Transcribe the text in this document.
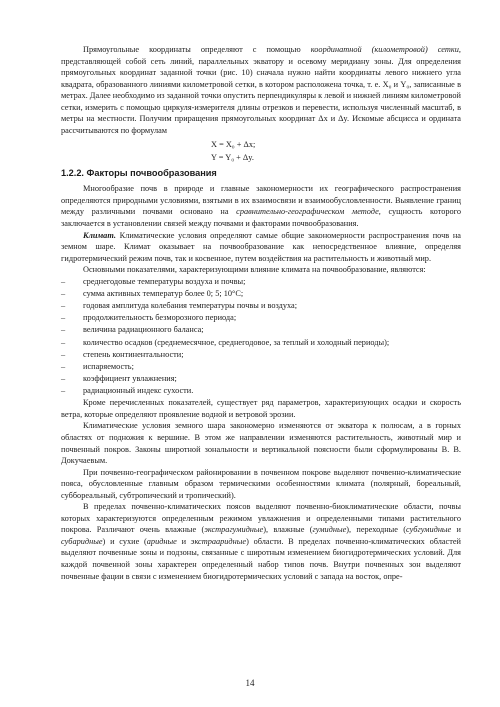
Прямоугольные координаты определяют с помощью координатной (километровой) сетки, представляющей собой сеть линий, параллельных экватору и осевому меридиану зоны. Для определения прямоугольных координат заданной точки (рис. 10) сначала нужно найти координаты левого нижнего угла квадрата, образованного линиями километровой сетки, в котором расположена точка, т. е. X₀ и Y₀, записанные в метрах. Далее необходимо из заданной точки опустить перпендикуляры к левой и нижней линиям километровой сетки, измерить с помощью циркуля-измерителя длины отрезков и перевести, используя численный масштаб, в метры на местности. Получим приращения прямоугольных координат Δx и Δy. Искомые абсцисса и ордината рассчитываются по формулам

X = X₀ + Δx;
Y = Y₀ + Δy.
1.2.2. Факторы почвообразования

Многообразие почв в природе и главные закономерности их географического распространения определяются природными условиями, взятыми в их взаимосвязи и взаимообусловленности. Выявление границ между различными почвами основано на сравнительно-географическом методе, сущность которого заключается в установлении связей между почвами и факторами почвообразования.

Климат. Климатические условия определяют самые общие закономерности распространения почв на земном шаре. Климат оказывает на почвообразование как непосредственное влияние, определяя гидротермический режим почв, так и косвенное, путем воздействия на растительность и животный мир.

Основными показателями, характеризующими влияние климата на почвообразование, являются:

– среднегодовые температуры воздуха и почвы;
– сумма активных температур более 0; 5; 10°С;
– годовая амплитуда колебания температуры почвы и воздуха;
– продолжительность безморозного периода;
– величина радиационного баланса;
– количество осадков (среднемесячное, среднегодовое, за теплый и холодный периоды);
– степень континентальности;
– испаряемость;
– коэффициент увлажнения;
– радиационный индекс сухости.

Кроме перечисленных показателей, существует ряд параметров, характеризующих осадки и скорость ветра, которые определяют проявление водной и ветровой эрозии.

Климатические условия земного шара закономерно изменяются от экватора к полюсам, а в горных областях от подножия к вершине. В этом же направлении изменяются растительность, животный мир и почвенный покров. Законы широтной зональности и вертикальной поясности были сформулированы В. В. Докучаевым.

При почвенно-географическом районировании в почвенном покрове выделяют почвенно-климатические пояса, обусловленные главным образом термическими особенностями климата (полярный, бореальный, суббореальный, субтропический и тропический).

В пределах почвенно-климатических поясов выделяют почвенно-биоклиматические области, почвы которых характеризуются определенным режимом увлажнения и определенными типами растительного покрова. Различают очень влажные (экстрагумидные), влажные (гумидные), переходные (субгумидные и субаридные) и сухие (аридные и экстрааридные) области. В пределах почвенно-климатических областей выделяют почвенные зоны и подзоны, связанные с широтным изменением биогидротермических условий. Для каждой почвенной зоны характерен определенный набор типов почв. Внутри почвенных зон выделяют почвенные фации в связи с изменением биогидротермических условий с запада на восток, опре-

14
